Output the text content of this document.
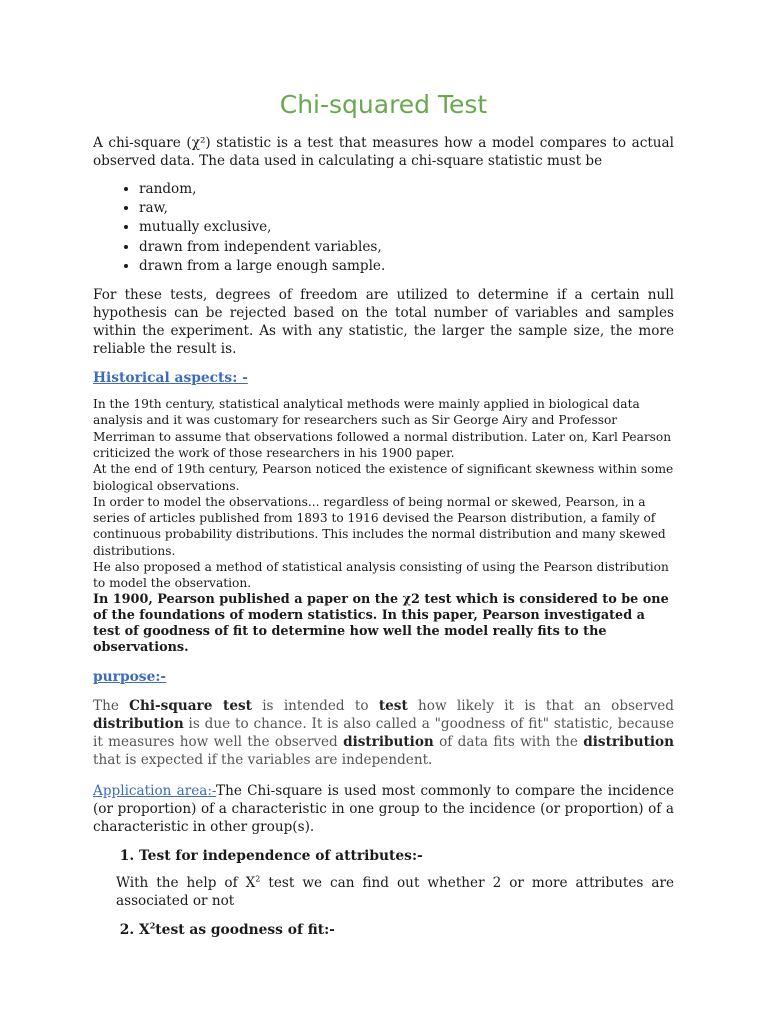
Chi-squared Test

A chi-square (χ²) statistic is a test that measures how a model compares to actual observed data. The data used in calculating a chi-square statistic must be

• random,
• raw,
• mutually exclusive,
• drawn from independent variables,
• drawn from a large enough sample.

For these tests, degrees of freedom are utilized to determine if a certain null hypothesis can be rejected based on the total number of variables and samples within the experiment. As with any statistic, the larger the sample size, the more reliable the result is.

Historical aspects: -

In the 19th century, statistical analytical methods were mainly applied in biological data analysis and it was customary for researchers such as Sir George Airy and Professor Merriman to assume that observations followed a normal distribution. Later on, Karl Pearson criticized the work of those researchers in his 1900 paper.

At the end of 19th century, Pearson noticed the existence of significant skewness within some biological observations.

In order to model the observations... regardless of being normal or skewed, Pearson, in a series of articles published from 1893 to 1916 devised the Pearson distribution, a family of continuous probability distributions. This includes the normal distribution and many skewed distributions.

He also proposed a method of statistical analysis consisting of using the Pearson distribution to model the observation.

In 1900, Pearson published a paper on the χ2 test which is considered to be one of the foundations of modern statistics. In this paper, Pearson investigated a test of goodness of fit to determine how well the model really fits to the observations.

purpose:-

The Chi-square test is intended to test how likely it is that an observed distribution is due to chance. It is also called a "goodness of fit" statistic, because it measures how well the observed distribution of data fits with the distribution that is expected if the variables are independent.

Application area:-The Chi-square is used most commonly to compare the incidence (or proportion) of a characteristic in one group to the incidence (or proportion) of a characteristic in other group(s).

1. Test for independence of attributes:-

With the help of $X^2$ test we can find out whether 2 or more attributes are associated or not

2. $X^2test$ as goodness of fit:-
